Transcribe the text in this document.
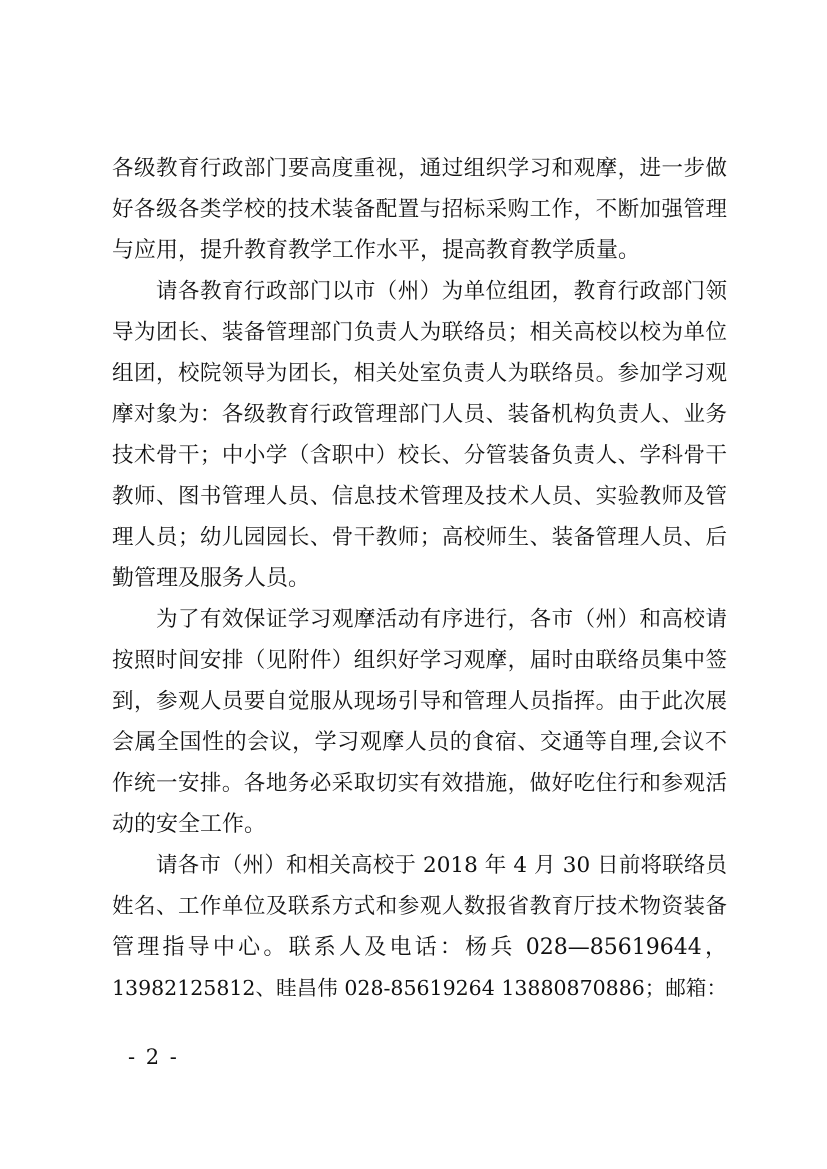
各级教育行政部门要高度重视，通过组织学习和观摩，进一步做
好各级各类学校的技术装备配置与招标采购工作，不断加强管理
与应用，提升教育教学工作水平，提高教育教学质量。
请各教育行政部门以市（州）为单位组团，教育行政部门领
导为团长、装备管理部门负责人为联络员；相关高校以校为单位
组团，校院领导为团长，相关处室负责人为联络员。参加学习观
摩对象为：各级教育行政管理部门人员、装备机构负责人、业务
技术骨干；中小学（含职中）校长、分管装备负责人、学科骨干
教师、图书管理人员、信息技术管理及技术人员、实验教师及管
理人员；幼儿园园长、骨干教师；高校师生、装备管理人员、后
勤管理及服务人员。
为了有效保证学习观摩活动有序进行，各市（州）和高校请
按照时间安排（见附件）组织好学习观摩，届时由联络员集中签
到，参观人员要自觉服从现场引导和管理人员指挥。由于此次展
会属全国性的会议，学习观摩人员的食宿、交通等自理,会议不
作统一安排。各地务必采取切实有效措施，做好吃住行和参观活
动的安全工作。
请各市（州）和相关高校于 2018 年 4 月 30 日前将联络员
姓名、工作单位及联系方式和参观人数报省教育厅技术物资装备
管理指导中心。联系人及电话：杨兵 028—85619644，
13982125812、眭昌伟 028-85619264 13880870886；邮箱：
- 2 -
